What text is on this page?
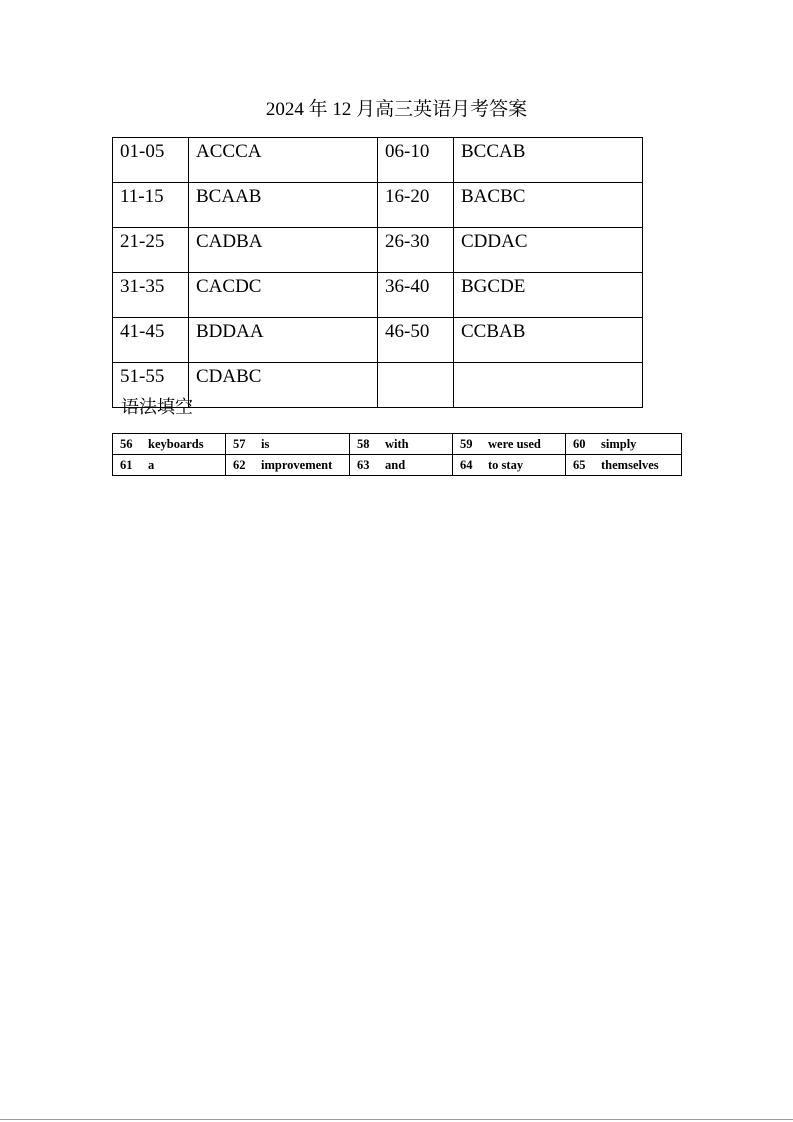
2024 年 12 月高三英语月考答案
01-05	ACCCA	06-10	BCCAB
11-15	BCAAB	16-20	BACBC
21-25	CADBA	26-30	CDDAC
31-35	CACDC	36-40	BGCDE
41-45	BDDAA	46-50	CCBAB
51-55	CDABC		
语法填空
56 keyboards	57 is	58 with	59 were used	60 simply
61 a	62 improvement	63 and	64 to stay	65 themselves
